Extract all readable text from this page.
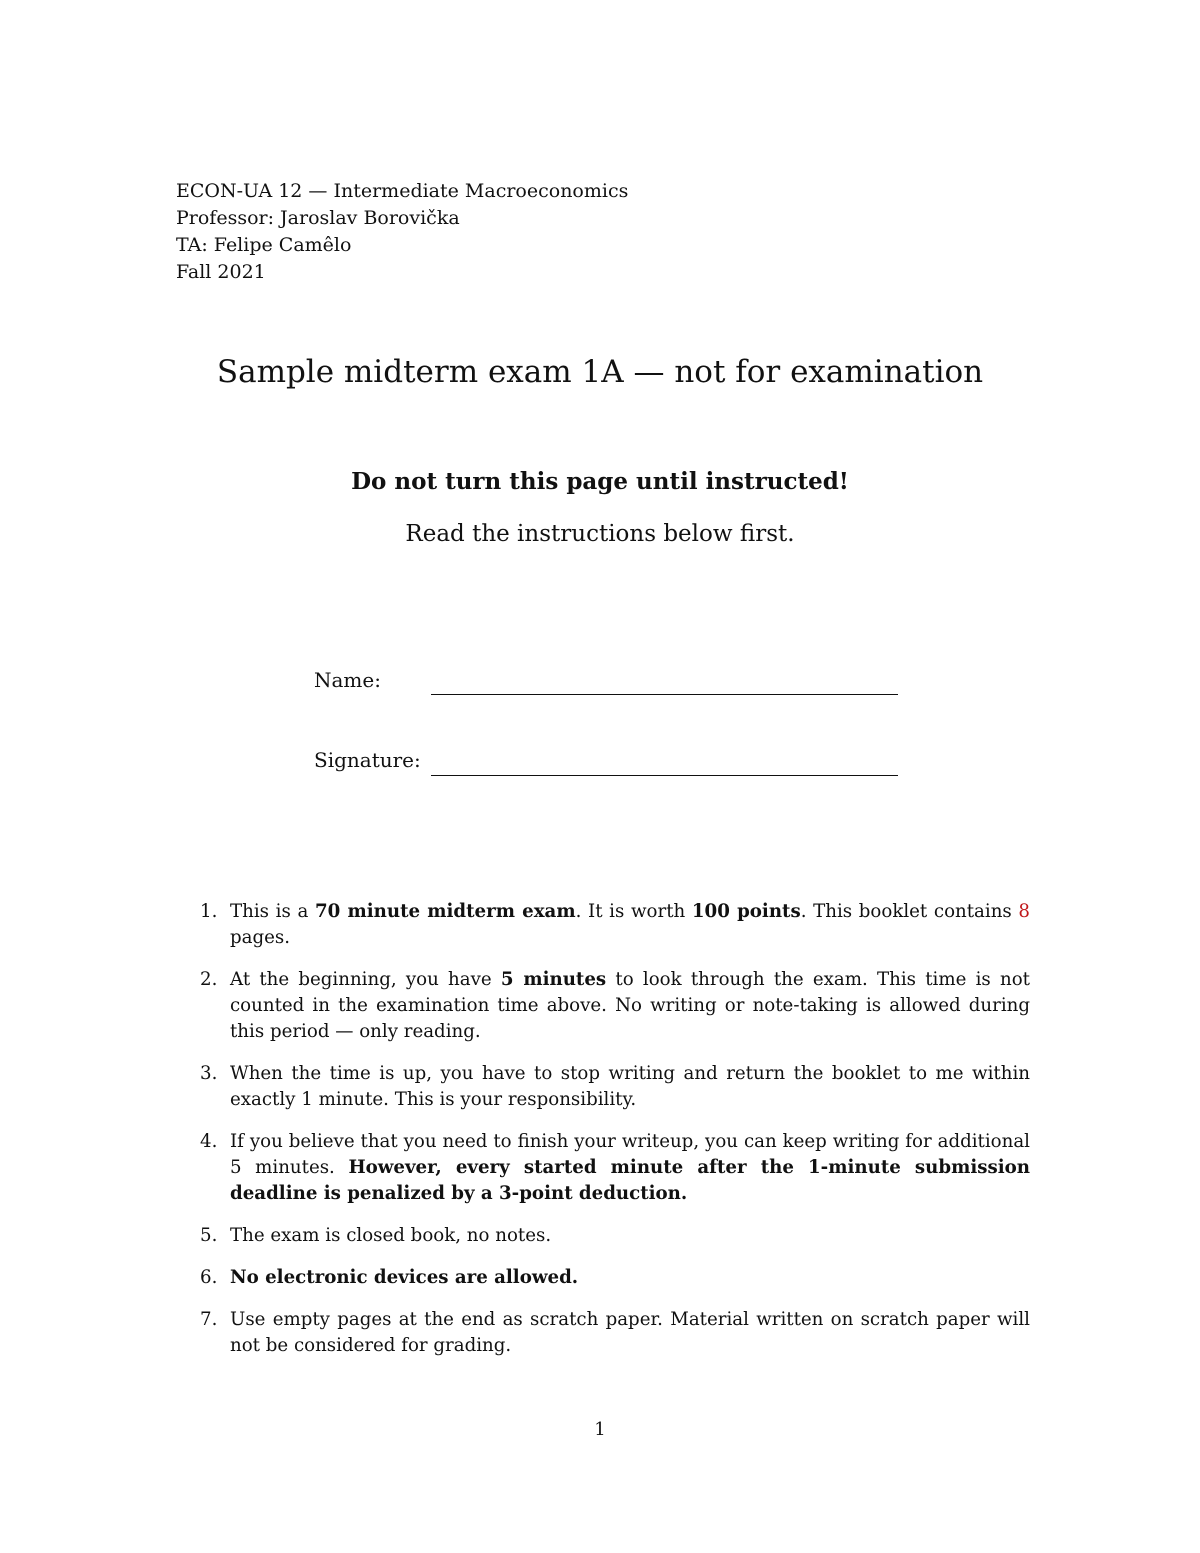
ECON-UA 12 — Intermediate Macroeconomics
Professor: Jaroslav Borovička
TA: Felipe Camêlo
Fall 2021
Sample midterm exam 1A — not for examination
Do not turn this page until instructed!
Read the instructions below first.
Name:
Signature:
1. This is a 70 minute midterm exam. It is worth 100 points. This booklet contains 8 pages.
2. At the beginning, you have 5 minutes to look through the exam. This time is not counted in the examination time above. No writing or note-taking is allowed during this period — only reading.
3. When the time is up, you have to stop writing and return the booklet to me within exactly 1 minute. This is your responsibility.
4. If you believe that you need to finish your writeup, you can keep writing for additional 5 minutes. However, every started minute after the 1-minute submission deadline is penalized by a 3-point deduction.
5. The exam is closed book, no notes.
6. No electronic devices are allowed.
7. Use empty pages at the end as scratch paper. Material written on scratch paper will not be considered for grading.
1
